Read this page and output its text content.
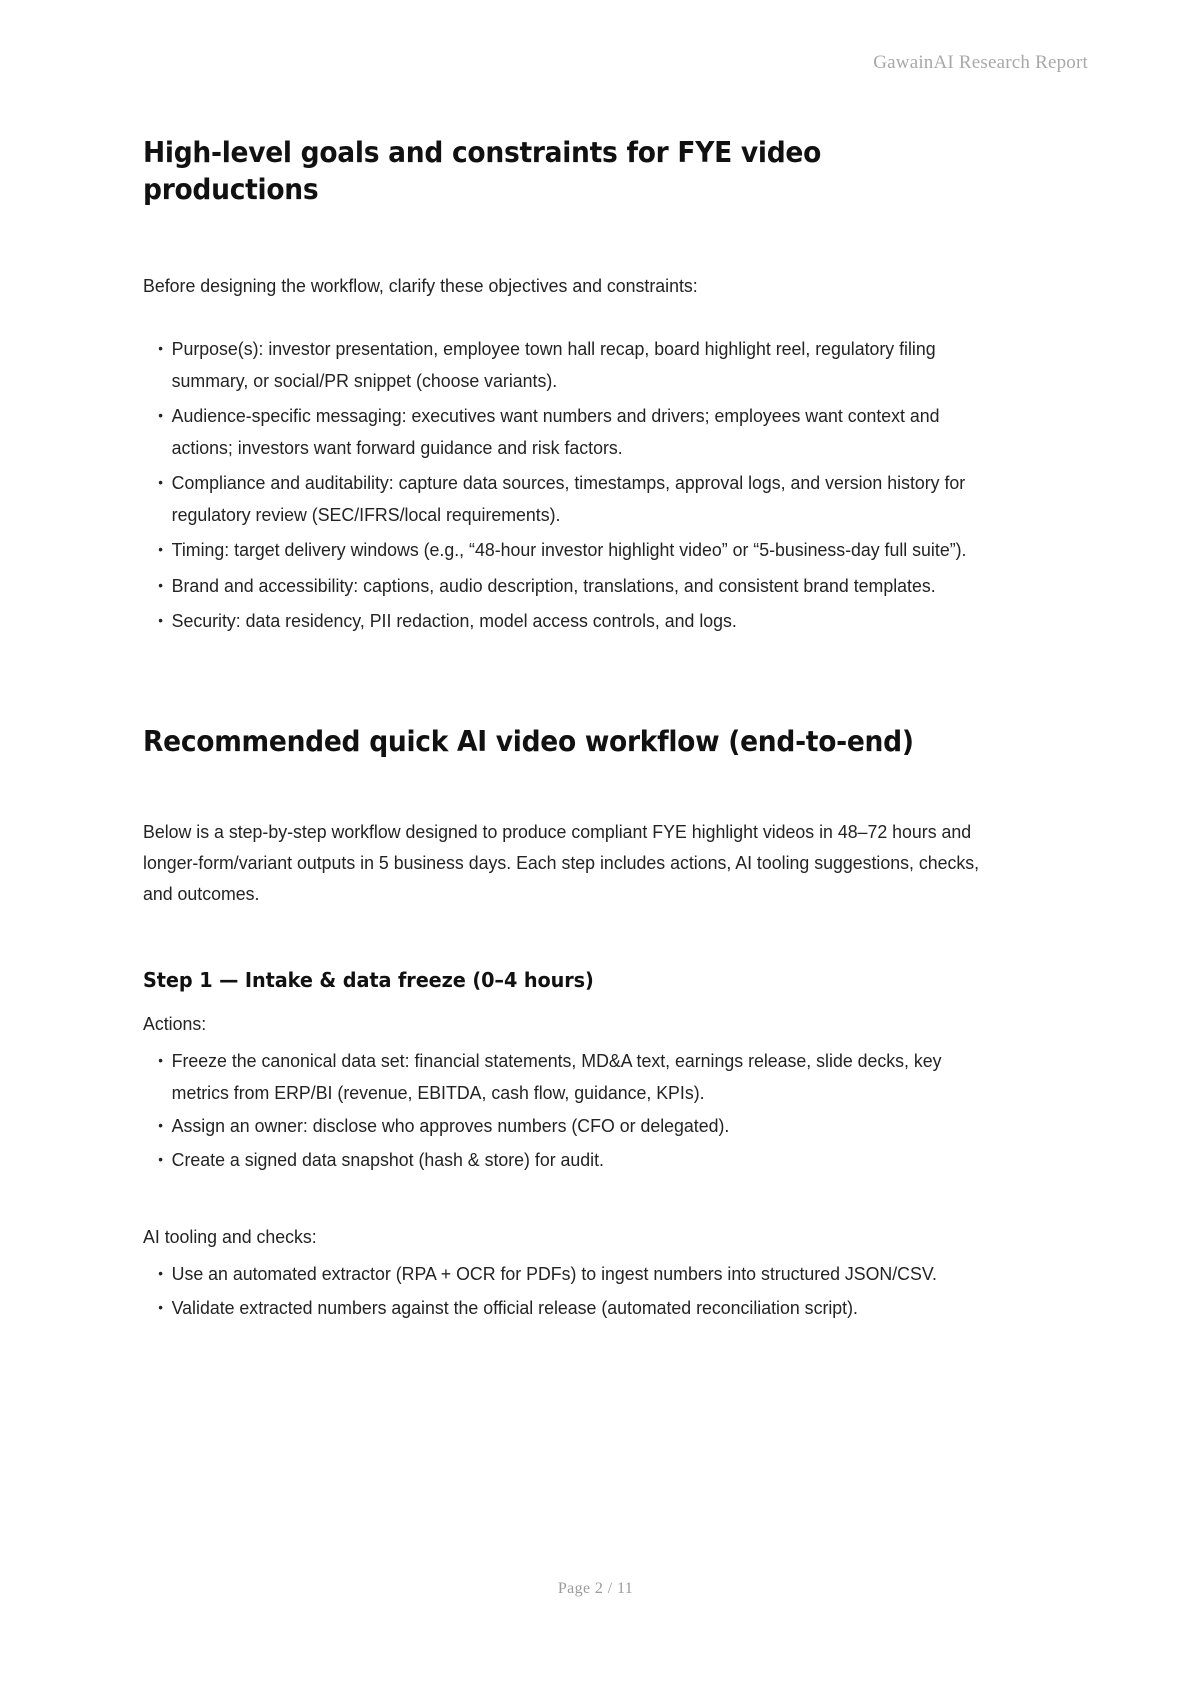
GawainAI Research Report
High-level goals and constraints for FYE video productions

Before designing the workflow, clarify these objectives and constraints:

• Purpose(s): investor presentation, employee town hall recap, board highlight reel, regulatory filing summary, or social/PR snippet (choose variants).
• Audience-specific messaging: executives want numbers and drivers; employees want context and actions; investors want forward guidance and risk factors.
• Compliance and auditability: capture data sources, timestamps, approval logs, and version history for regulatory review (SEC/IFRS/local requirements).
• Timing: target delivery windows (e.g., “48-hour investor highlight video” or “5-business-day full suite”).
• Brand and accessibility: captions, audio description, translations, and consistent brand templates.
• Security: data residency, PII redaction, model access controls, and logs.
Recommended quick AI video workflow (end-to-end)

Below is a step-by-step workflow designed to produce compliant FYE highlight videos in 48–72 hours and longer-form/variant outputs in 5 business days. Each step includes actions, AI tooling suggestions, checks, and outcomes.

Step 1 — Intake & data freeze (0–4 hours)
Actions:
• Freeze the canonical data set: financial statements, MD&A text, earnings release, slide decks, key metrics from ERP/BI (revenue, EBITDA, cash flow, guidance, KPIs).
• Assign an owner: disclose who approves numbers (CFO or delegated).
• Create a signed data snapshot (hash & store) for audit.
AI tooling and checks:
• Use an automated extractor (RPA + OCR for PDFs) to ingest numbers into structured JSON/CSV.
• Validate extracted numbers against the official release (automated reconciliation script).
Page 2 / 11
